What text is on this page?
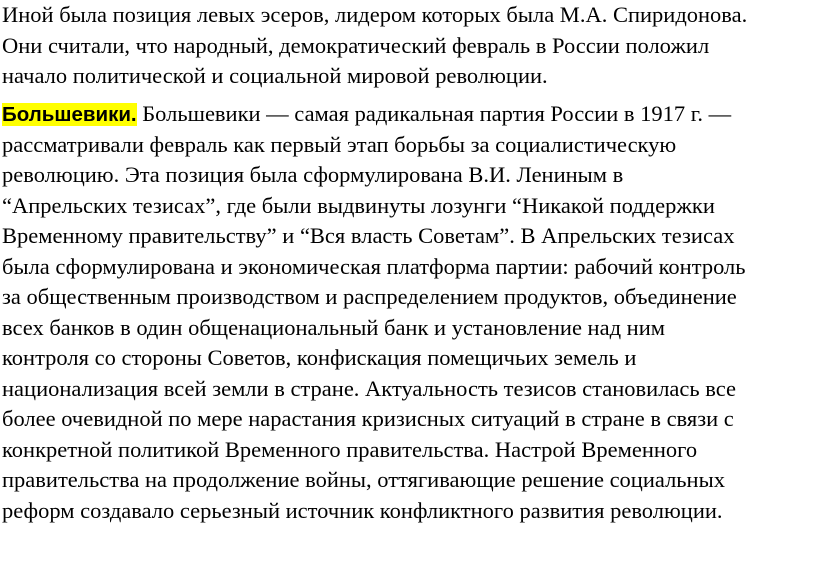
Иной была позиция левых эсеров, лидером которых была М.А. Спиридонова.
Они считали, что народный, демократический февраль в России положил
начало политической и социальной мировой революции.
Большевики. Большевики — самая радикальная партия России в 1917 г. —
рассматривали февраль как первый этап борьбы за социалистическую
революцию. Эта позиция была сформулирована В.И. Лениным в
“Апрельских тезисах”, где были выдвинуты лозунги “Никакой поддержки
Временному правительству” и “Вся власть Советам”. В Апрельских тезисах
была сформулирована и экономическая платформа партии: рабочий контроль
за общественным производством и распределением продуктов, объединение
всех банков в один общенациональный банк и установление над ним
контроля со стороны Советов, конфискация помещичьих земель и
национализация всей земли в стране. Актуальность тезисов становилась все
более очевидной по мере нарастания кризисных ситуаций в стране в связи с
конкретной политикой Временного правительства. Настрой Временного
правительства на продолжение войны, оттягивающие решение социальных
реформ создавало серьезный источник конфликтного развития революции.
